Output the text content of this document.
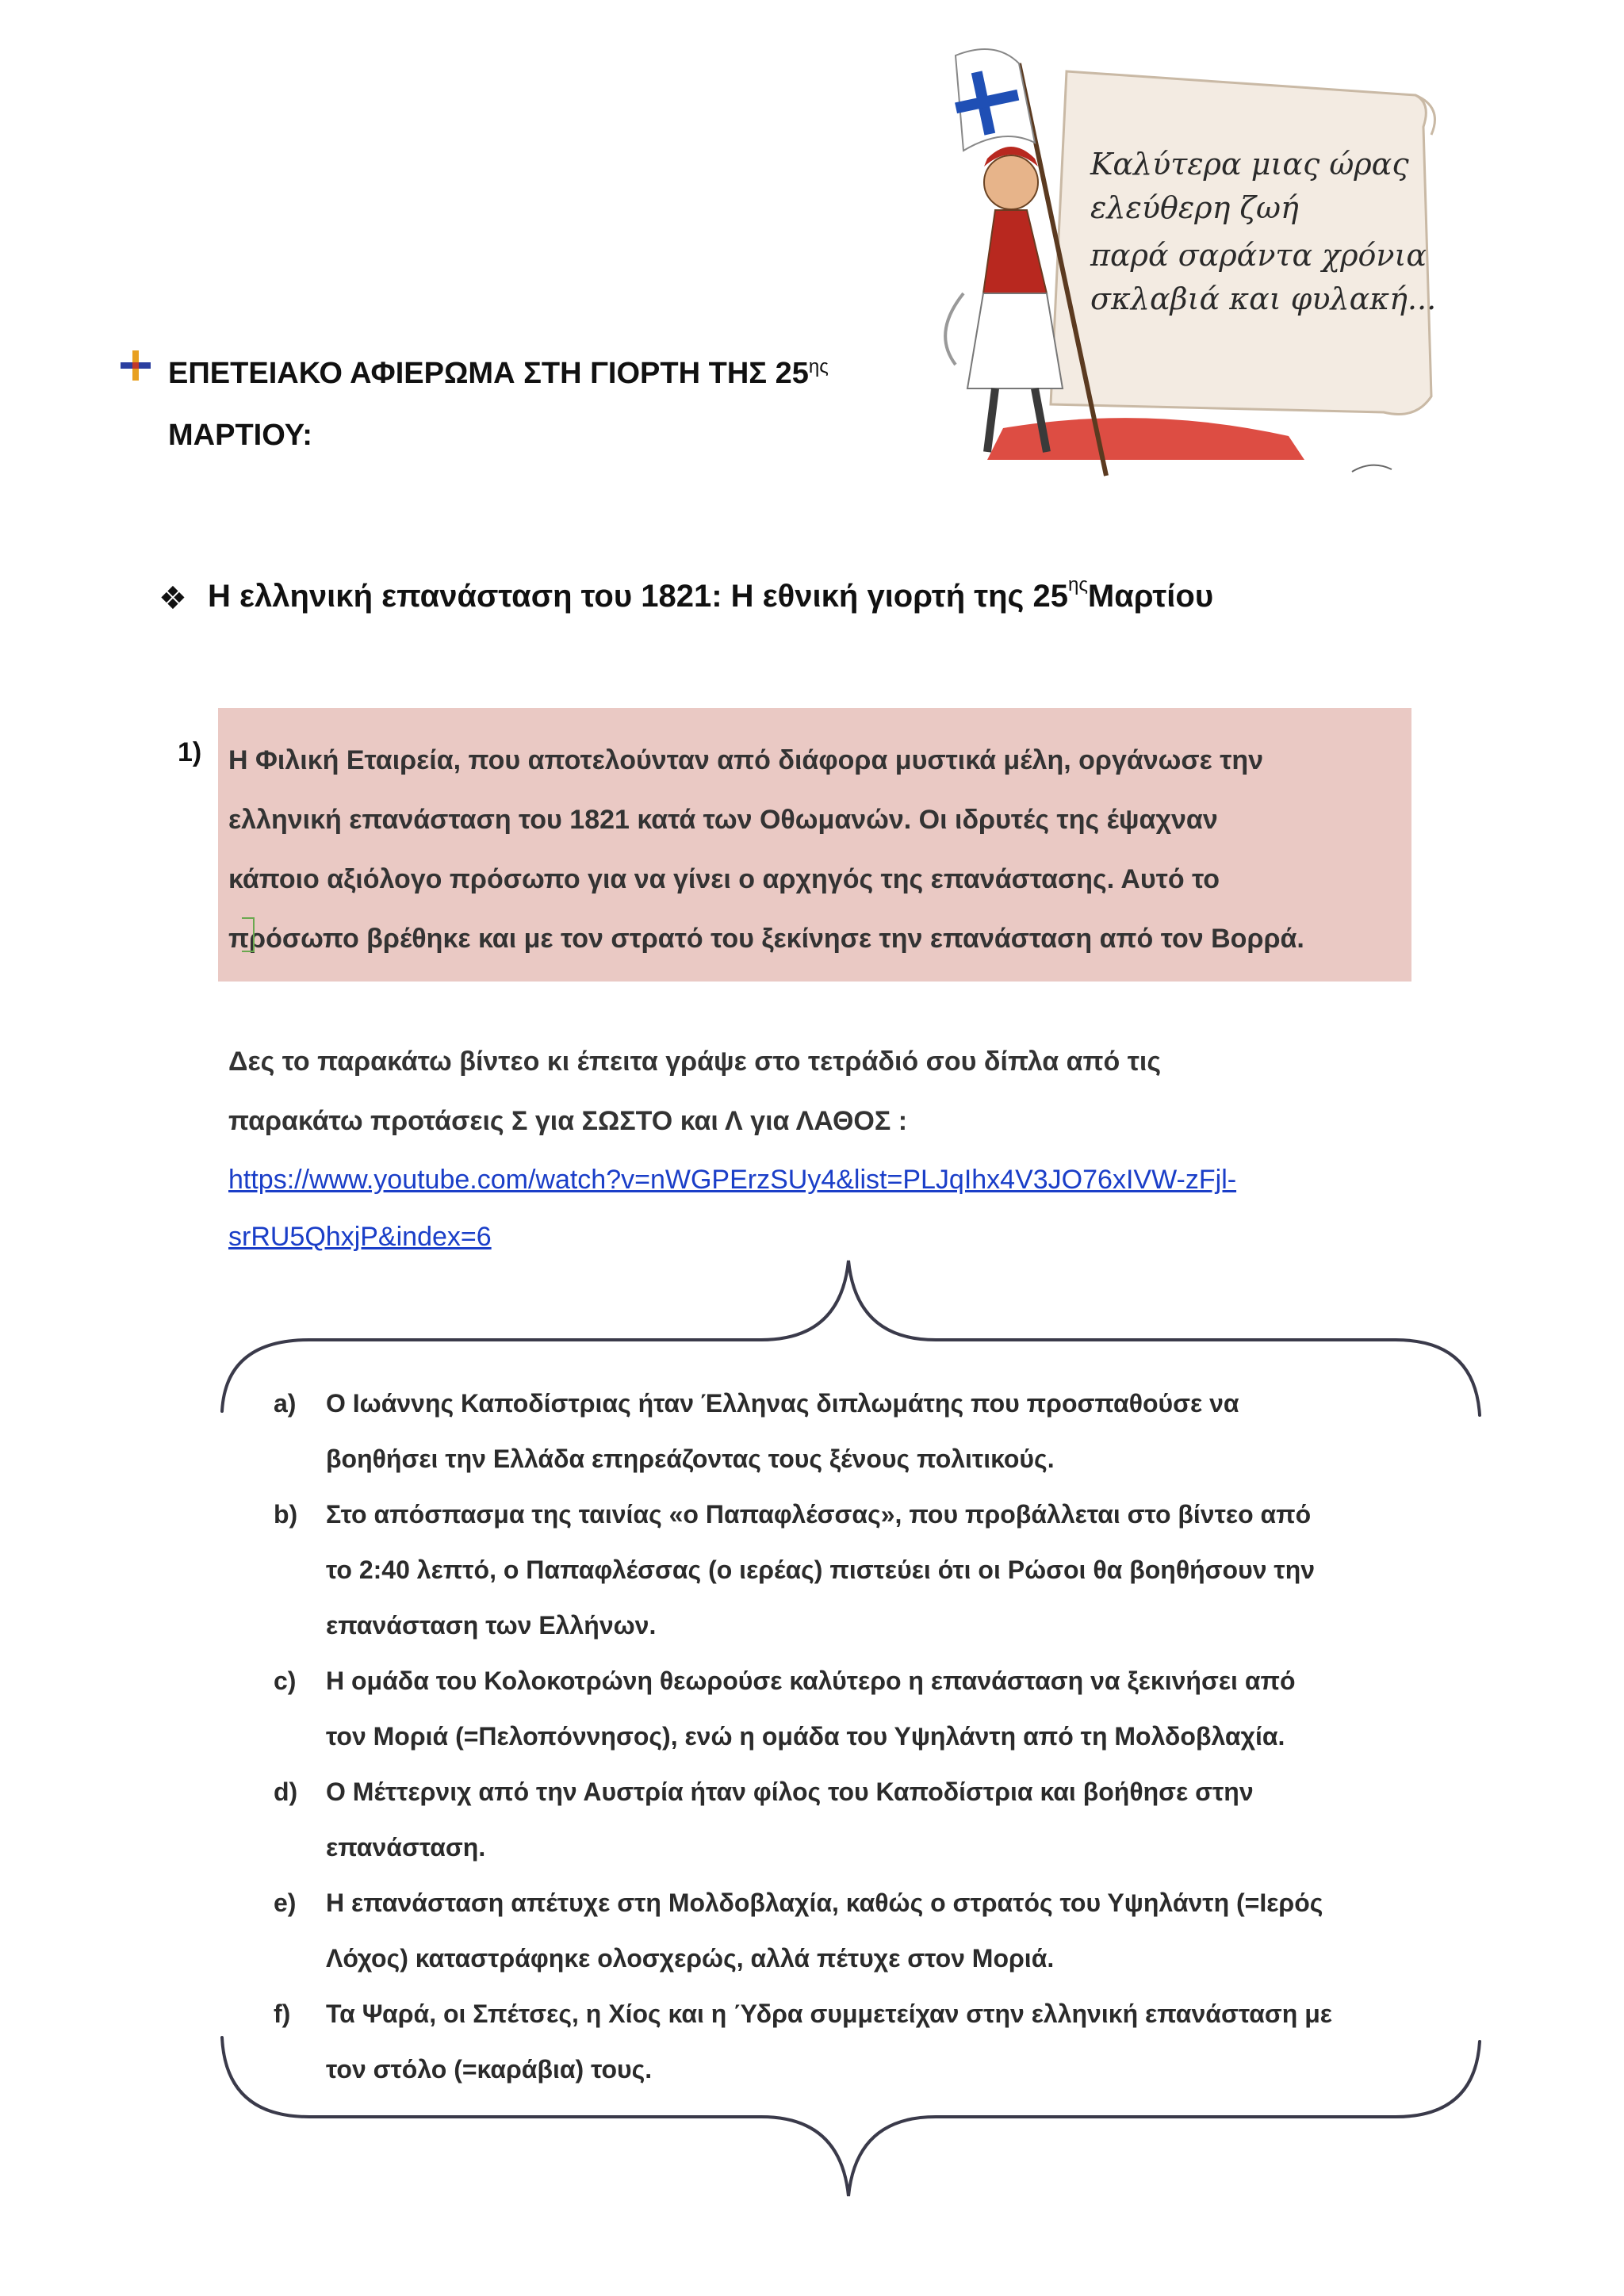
ΕΠΕΤΕΙΑΚΟ ΑΦΙΕΡΩΜΑ ΣΤΗ ΓΙΟΡΤΗ ΤΗΣ $25^{\eta\varsigma}$
ΜΑΡΤΙΟΥ:
Καλύτερα μιας ώρας
ελεύθερη ζωή
παρά σαράντα χρόνια
σκλαβιά και φυλακή...
❖ Η ελληνική επανάσταση του 1821: Η εθνική γιορτή της $25^{\eta\varsigma}M\alpha\rho\tau ίo\upsilon$
1) Η Φιλική Εταιρεία, που αποτελούνταν από διάφορα μυστικά μέλη, οργάνωσε την

ελληνική επανάσταση του 1821 κατά των Οθωμανών. Οι ιδρυτές της έψαχναν

κάποιο αξιόλογο πρόσωπο για να γίνει ο αρχηγός της επανάστασης. Αυτό το

πρόσωπο βρέθηκε και με τον στρατό του ξεκίνησε την επανάσταση από τον Βορρά.

Δες το παρακάτω βίντεο κι έπειτα γράψε στο τετράδιό σου δίπλα από τις

παρακάτω προτάσεις Σ για ΣΩΣΤΟ και Λ για ΛΑΘΟΣ :

https://www.youtube.com/watch?v=nWGPErzSUy4&list=PLJqIhx4V3JO76xIVW-zFjl-

srRU5QhxjP&index=6

a) Ο Ιωάννης Καποδίστριας ήταν Έλληνας διπλωμάτης που προσπαθούσε να
βοηθήσει την Ελλάδα επηρεάζοντας τους ξένους πολιτικούς.
b) Στο απόσπασμα της ταινίας «ο Παπαφλέσσας», που προβάλλεται στο βίντεο από
το 2:40 λεπτό, ο Παπαφλέσσας (ο ιερέας) πιστεύει ότι οι Ρώσοι θα βοηθήσουν την
επανάσταση των Ελλήνων.
c) Η ομάδα του Κολοκοτρώνη θεωρούσε καλύτερο η επανάσταση να ξεκινήσει από
τον Μοριά (=Πελοπόννησος), ενώ η ομάδα του Υψηλάντη από τη Μολδοβλαχία.
d) Ο Μέττερνιχ από την Αυστρία ήταν φίλος του Καποδίστρια και βοήθησε στην
επανάσταση.
e) Η επανάσταση απέτυχε στη Μολδοβλαχία, καθώς ο στρατός του Υψηλάντη (=Ιερός
Λόχος) καταστράφηκε ολοσχερώς, αλλά πέτυχε στον Μοριά.
f) Τα Ψαρά, οι Σπέτσες, η Χίος και η Ύδρα συμμετείχαν στην ελληνική επανάσταση με
τον στόλο (=καράβια) τους.
